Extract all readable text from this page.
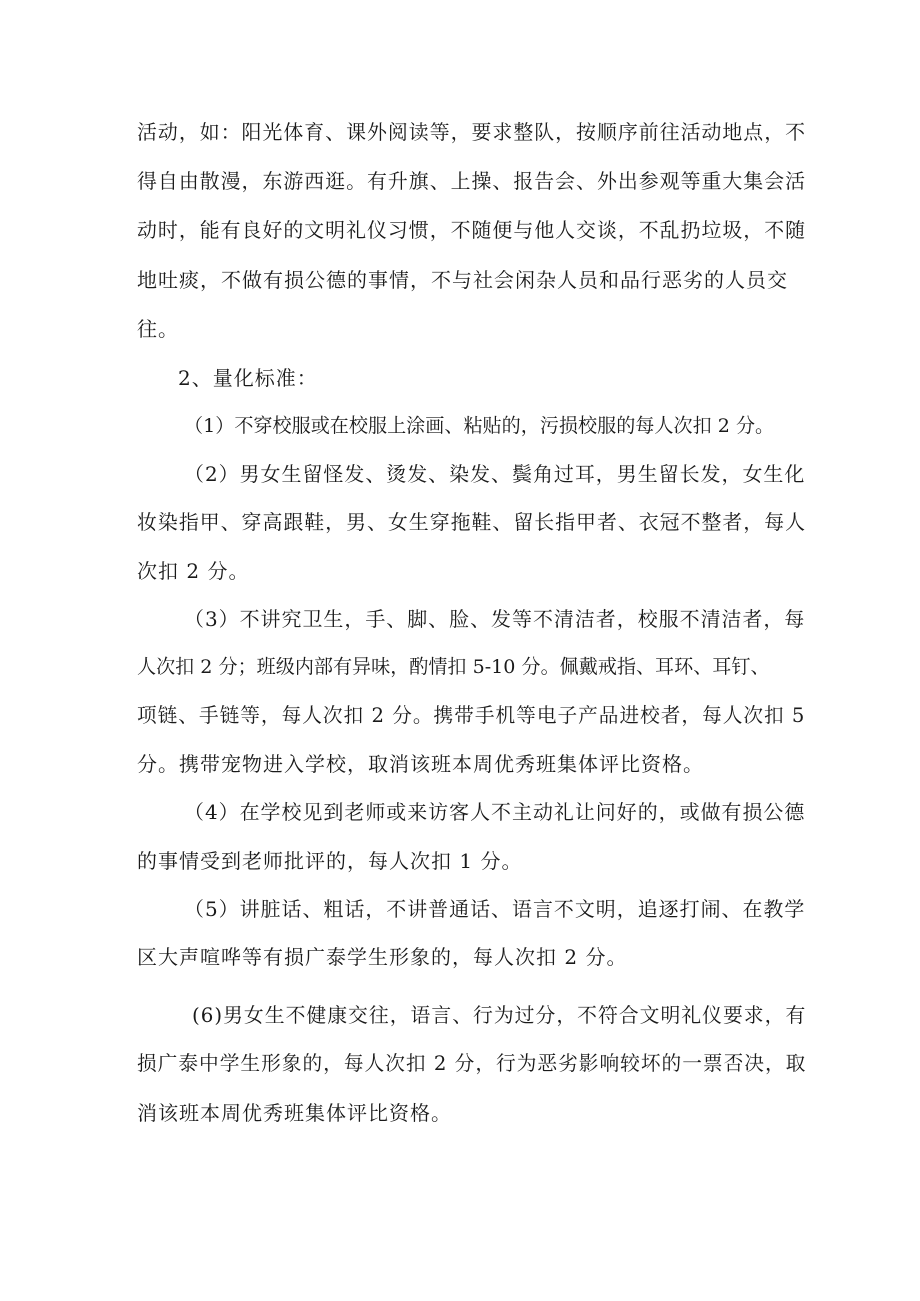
活动，如：阳光体育、课外阅读等，要求整队，按顺序前往活动地点，不

得自由散漫，东游西逛。有升旗、上操、报告会、外出参观等重大集会活

动时，能有良好的文明礼仪习惯，不随便与他人交谈，不乱扔垃圾，不随

地吐痰，不做有损公德的事情，不与社会闲杂人员和品行恶劣的人员交

往。

2、量化标准：

（1）不穿校服或在校服上涂画、粘贴的，污损校服的每人次扣 2 分。

（2）男女生留怪发、烫发、染发、鬓角过耳，男生留长发，女生化

妆染指甲、穿高跟鞋，男、女生穿拖鞋、留长指甲者、衣冠不整者，每人

次扣 2 分。

（3）不讲究卫生，手、脚、脸、发等不清洁者，校服不清洁者，每

人次扣 2 分；班级内部有异味，酌情扣 5-10 分。佩戴戒指、耳环、耳钉、

项链、手链等，每人次扣 2 分。携带手机等电子产品进校者，每人次扣 5

分。携带宠物进入学校，取消该班本周优秀班集体评比资格。

（4）在学校见到老师或来访客人不主动礼让问好的，或做有损公德

的事情受到老师批评的，每人次扣 1 分。

（5）讲脏话、粗话，不讲普通话、语言不文明，追逐打闹、在教学

区大声喧哗等有损广泰学生形象的，每人次扣 2 分。

(6)男女生不健康交往，语言、行为过分，不符合文明礼仪要求，有

损广泰中学生形象的，每人次扣 2 分，行为恶劣影响较坏的一票否决，取

消该班本周优秀班集体评比资格。
